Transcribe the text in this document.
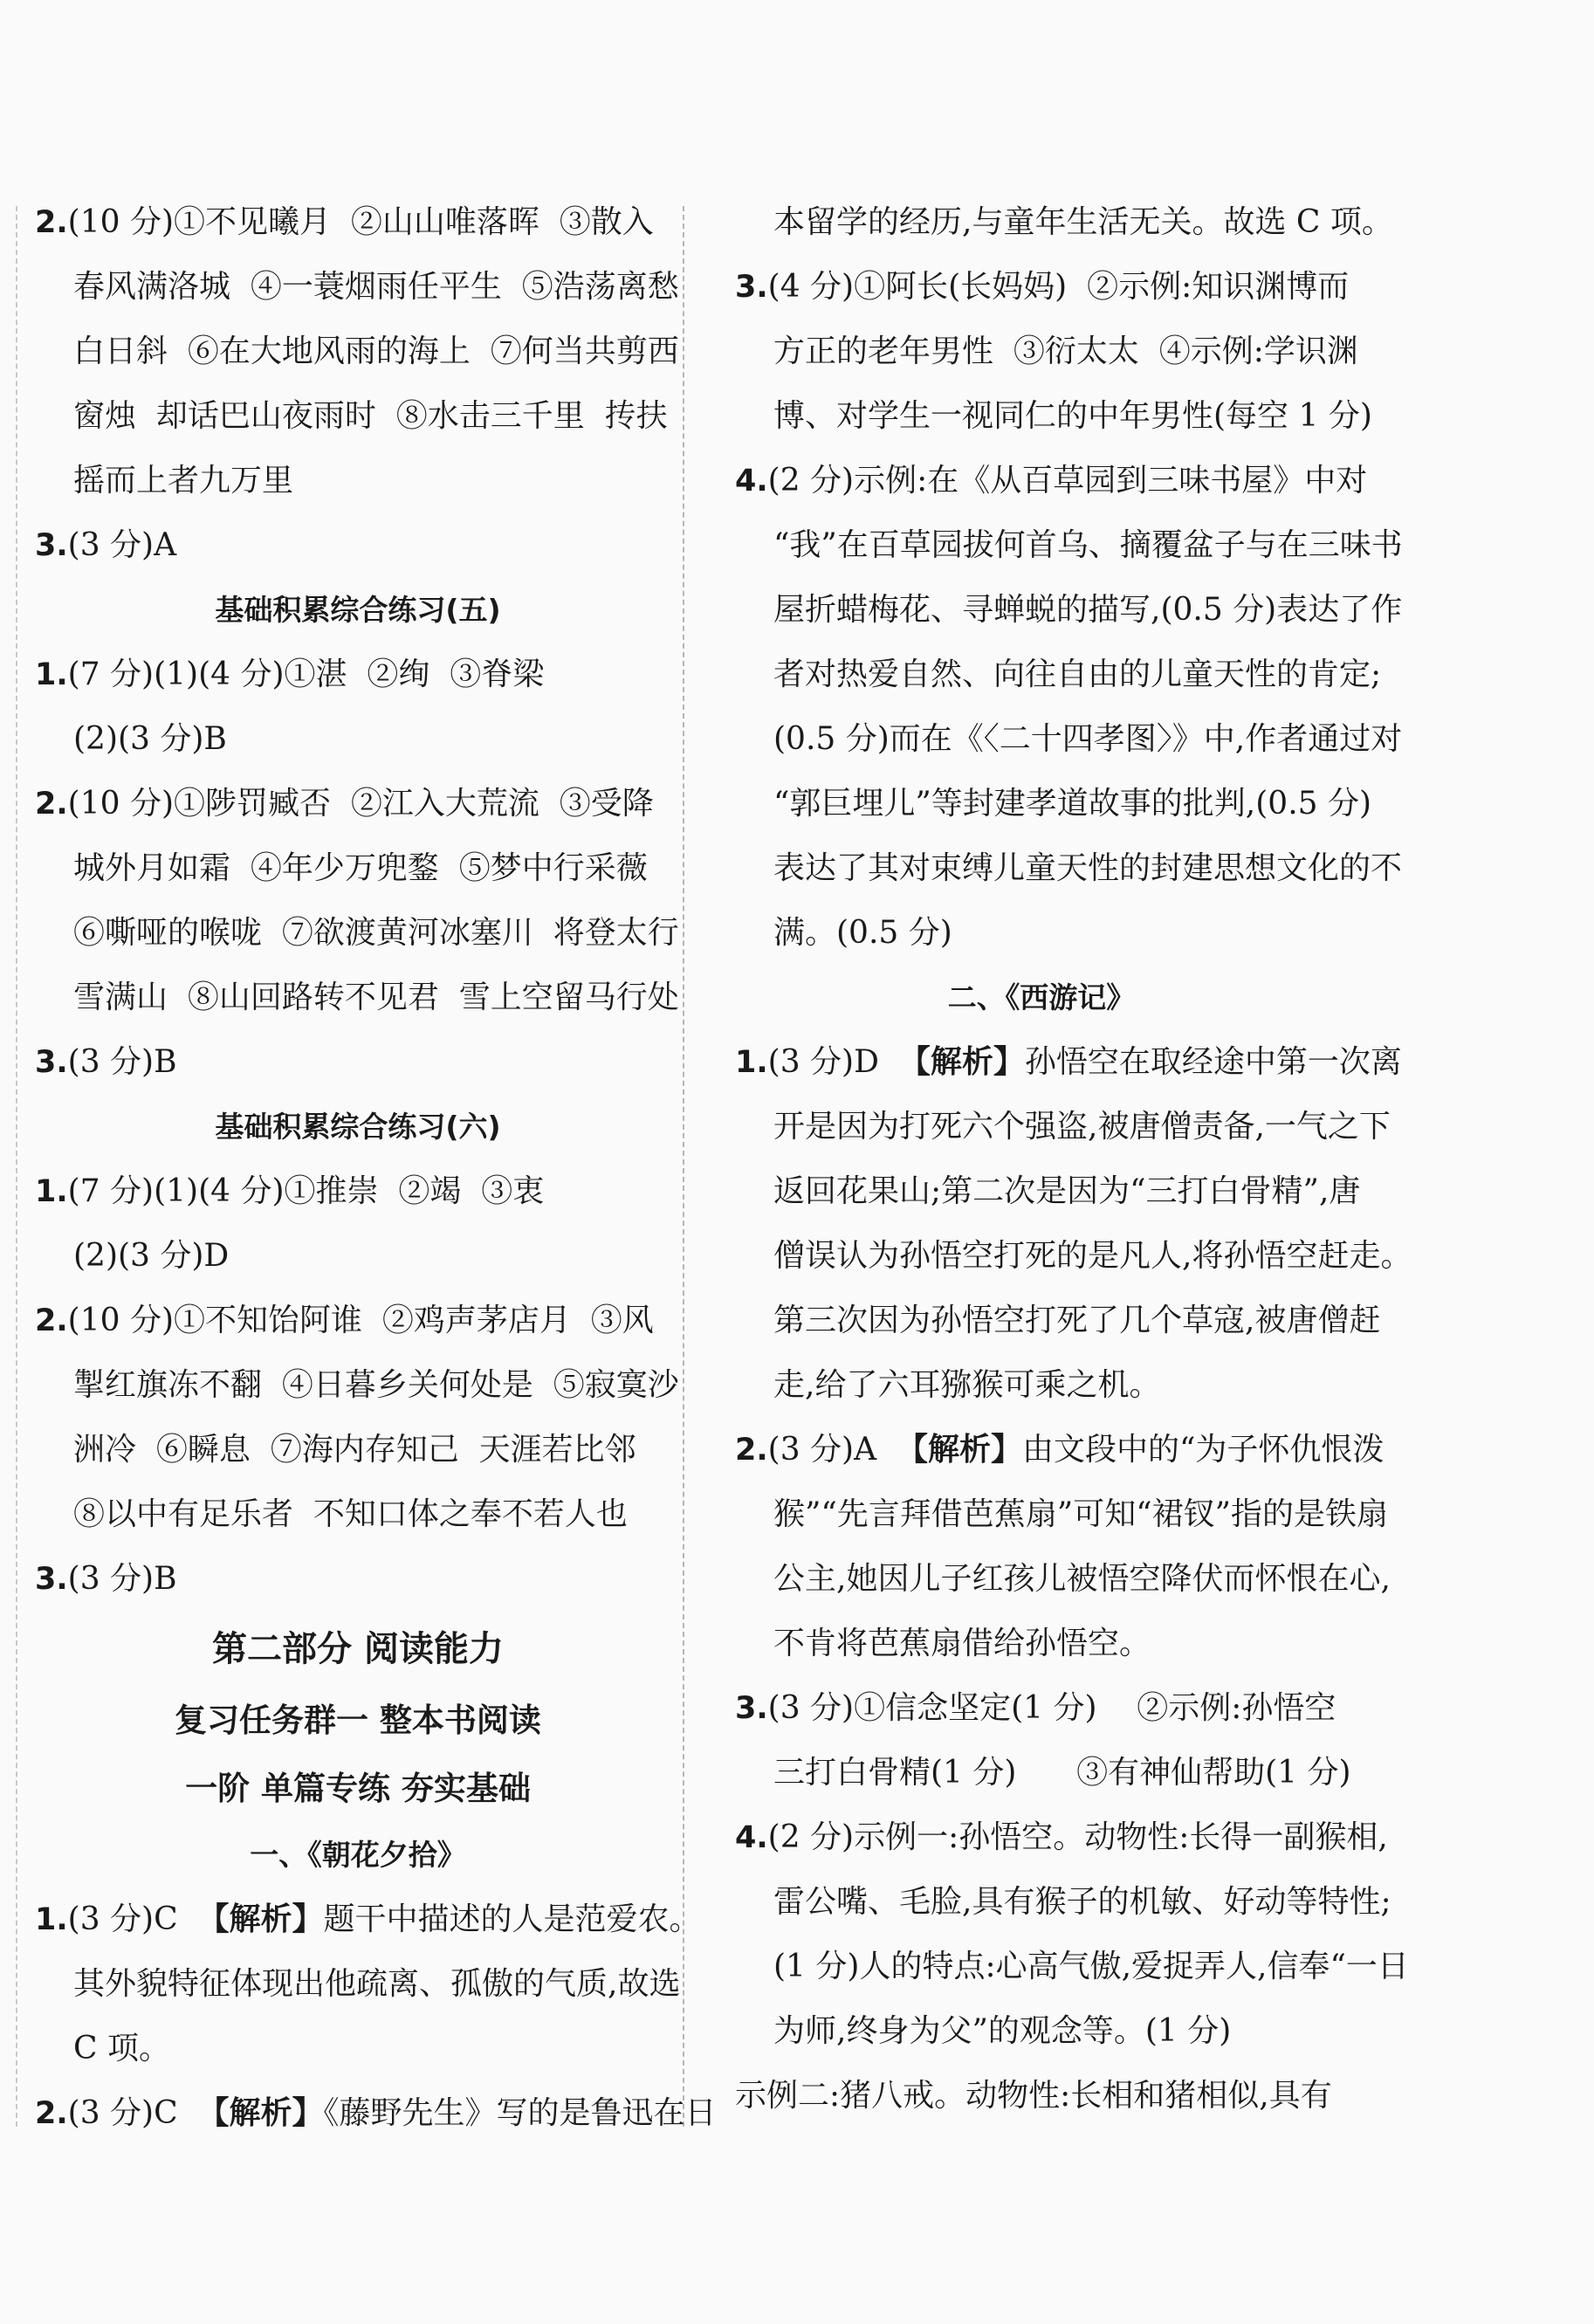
2.(10 分)①不见曦月  ②山山唯落晖  ③散入

春风满洛城  ④一蓑烟雨任平生  ⑤浩荡离愁

白日斜  ⑥在大地风雨的海上  ⑦何当共剪西

窗烛  却话巴山夜雨时  ⑧水击三千里  抟扶

摇而上者九万里

3.(3 分)A

基础积累综合练习(五)

1.(7 分)(1)(4 分)①湛  ②绚  ③脊梁

(2)(3 分)B

2.(10 分)①陟罚臧否  ②江入大荒流  ③受降

城外月如霜  ④年少万兜鍪  ⑤梦中行采薇

⑥嘶哑的喉咙  ⑦欲渡黄河冰塞川  将登太行

雪满山  ⑧山回路转不见君  雪上空留马行处

3.(3 分)B

基础积累综合练习(六)

1.(7 分)(1)(4 分)①推崇  ②竭  ③衷

(2)(3 分)D

2.(10 分)①不知饴阿谁  ②鸡声茅店月  ③风

掣红旗冻不翻  ④日暮乡关何处是  ⑤寂寞沙

洲冷  ⑥瞬息  ⑦海内存知己  天涯若比邻

⑧以中有足乐者  不知口体之奉不若人也

3.(3 分)B

第二部分 阅读能力

复习任务群一 整本书阅读

一阶 单篇专练 夯实基础

一、《朝花夕拾》

1.(3 分)C  【解析】题干中描述的人是范爱农。

其外貌特征体现出他疏离、孤傲的气质,故选

C 项。

2.(3 分)C  【解析】《藤野先生》写的是鲁迅在日

本留学的经历,与童年生活无关。故选 C 项。

3.(4 分)①阿长(长妈妈)  ②示例:知识渊博而

方正的老年男性  ③衍太太  ④示例:学识渊

博、对学生一视同仁的中年男性(每空 1 分)

4.(2 分)示例:在《从百草园到三味书屋》中对

“我”在百草园拔何首乌、摘覆盆子与在三味书

屋折蜡梅花、寻蝉蜕的描写,(0.5 分)表达了作

者对热爱自然、向往自由的儿童天性的肯定;

(0.5 分)而在《〈二十四孝图〉》中,作者通过对

“郭巨埋儿”等封建孝道故事的批判,(0.5 分)

表达了其对束缚儿童天性的封建思想文化的不

满。(0.5 分)

二、《西游记》

1.(3 分)D  【解析】孙悟空在取经途中第一次离

开是因为打死六个强盗,被唐僧责备,一气之下

返回花果山;第二次是因为“三打白骨精”,唐

僧误认为孙悟空打死的是凡人,将孙悟空赶走。

第三次因为孙悟空打死了几个草寇,被唐僧赶

走,给了六耳猕猴可乘之机。

2.(3 分)A  【解析】由文段中的“为子怀仇恨泼

猴”“先言拜借芭蕉扇”可知“裙钗”指的是铁扇

公主,她因儿子红孩儿被悟空降伏而怀恨在心,

不肯将芭蕉扇借给孙悟空。

3.(3 分)①信念坚定(1 分)    ②示例:孙悟空

三打白骨精(1 分)      ③有神仙帮助(1 分)

4.(2 分)示例一:孙悟空。动物性:长得一副猴相,

雷公嘴、毛脸,具有猴子的机敏、好动等特性;

(1 分)人的特点:心高气傲,爱捉弄人,信奉“一日

为师,终身为父”的观念等。(1 分)

示例二:猪八戒。动物性:长相和猪相似,具有
